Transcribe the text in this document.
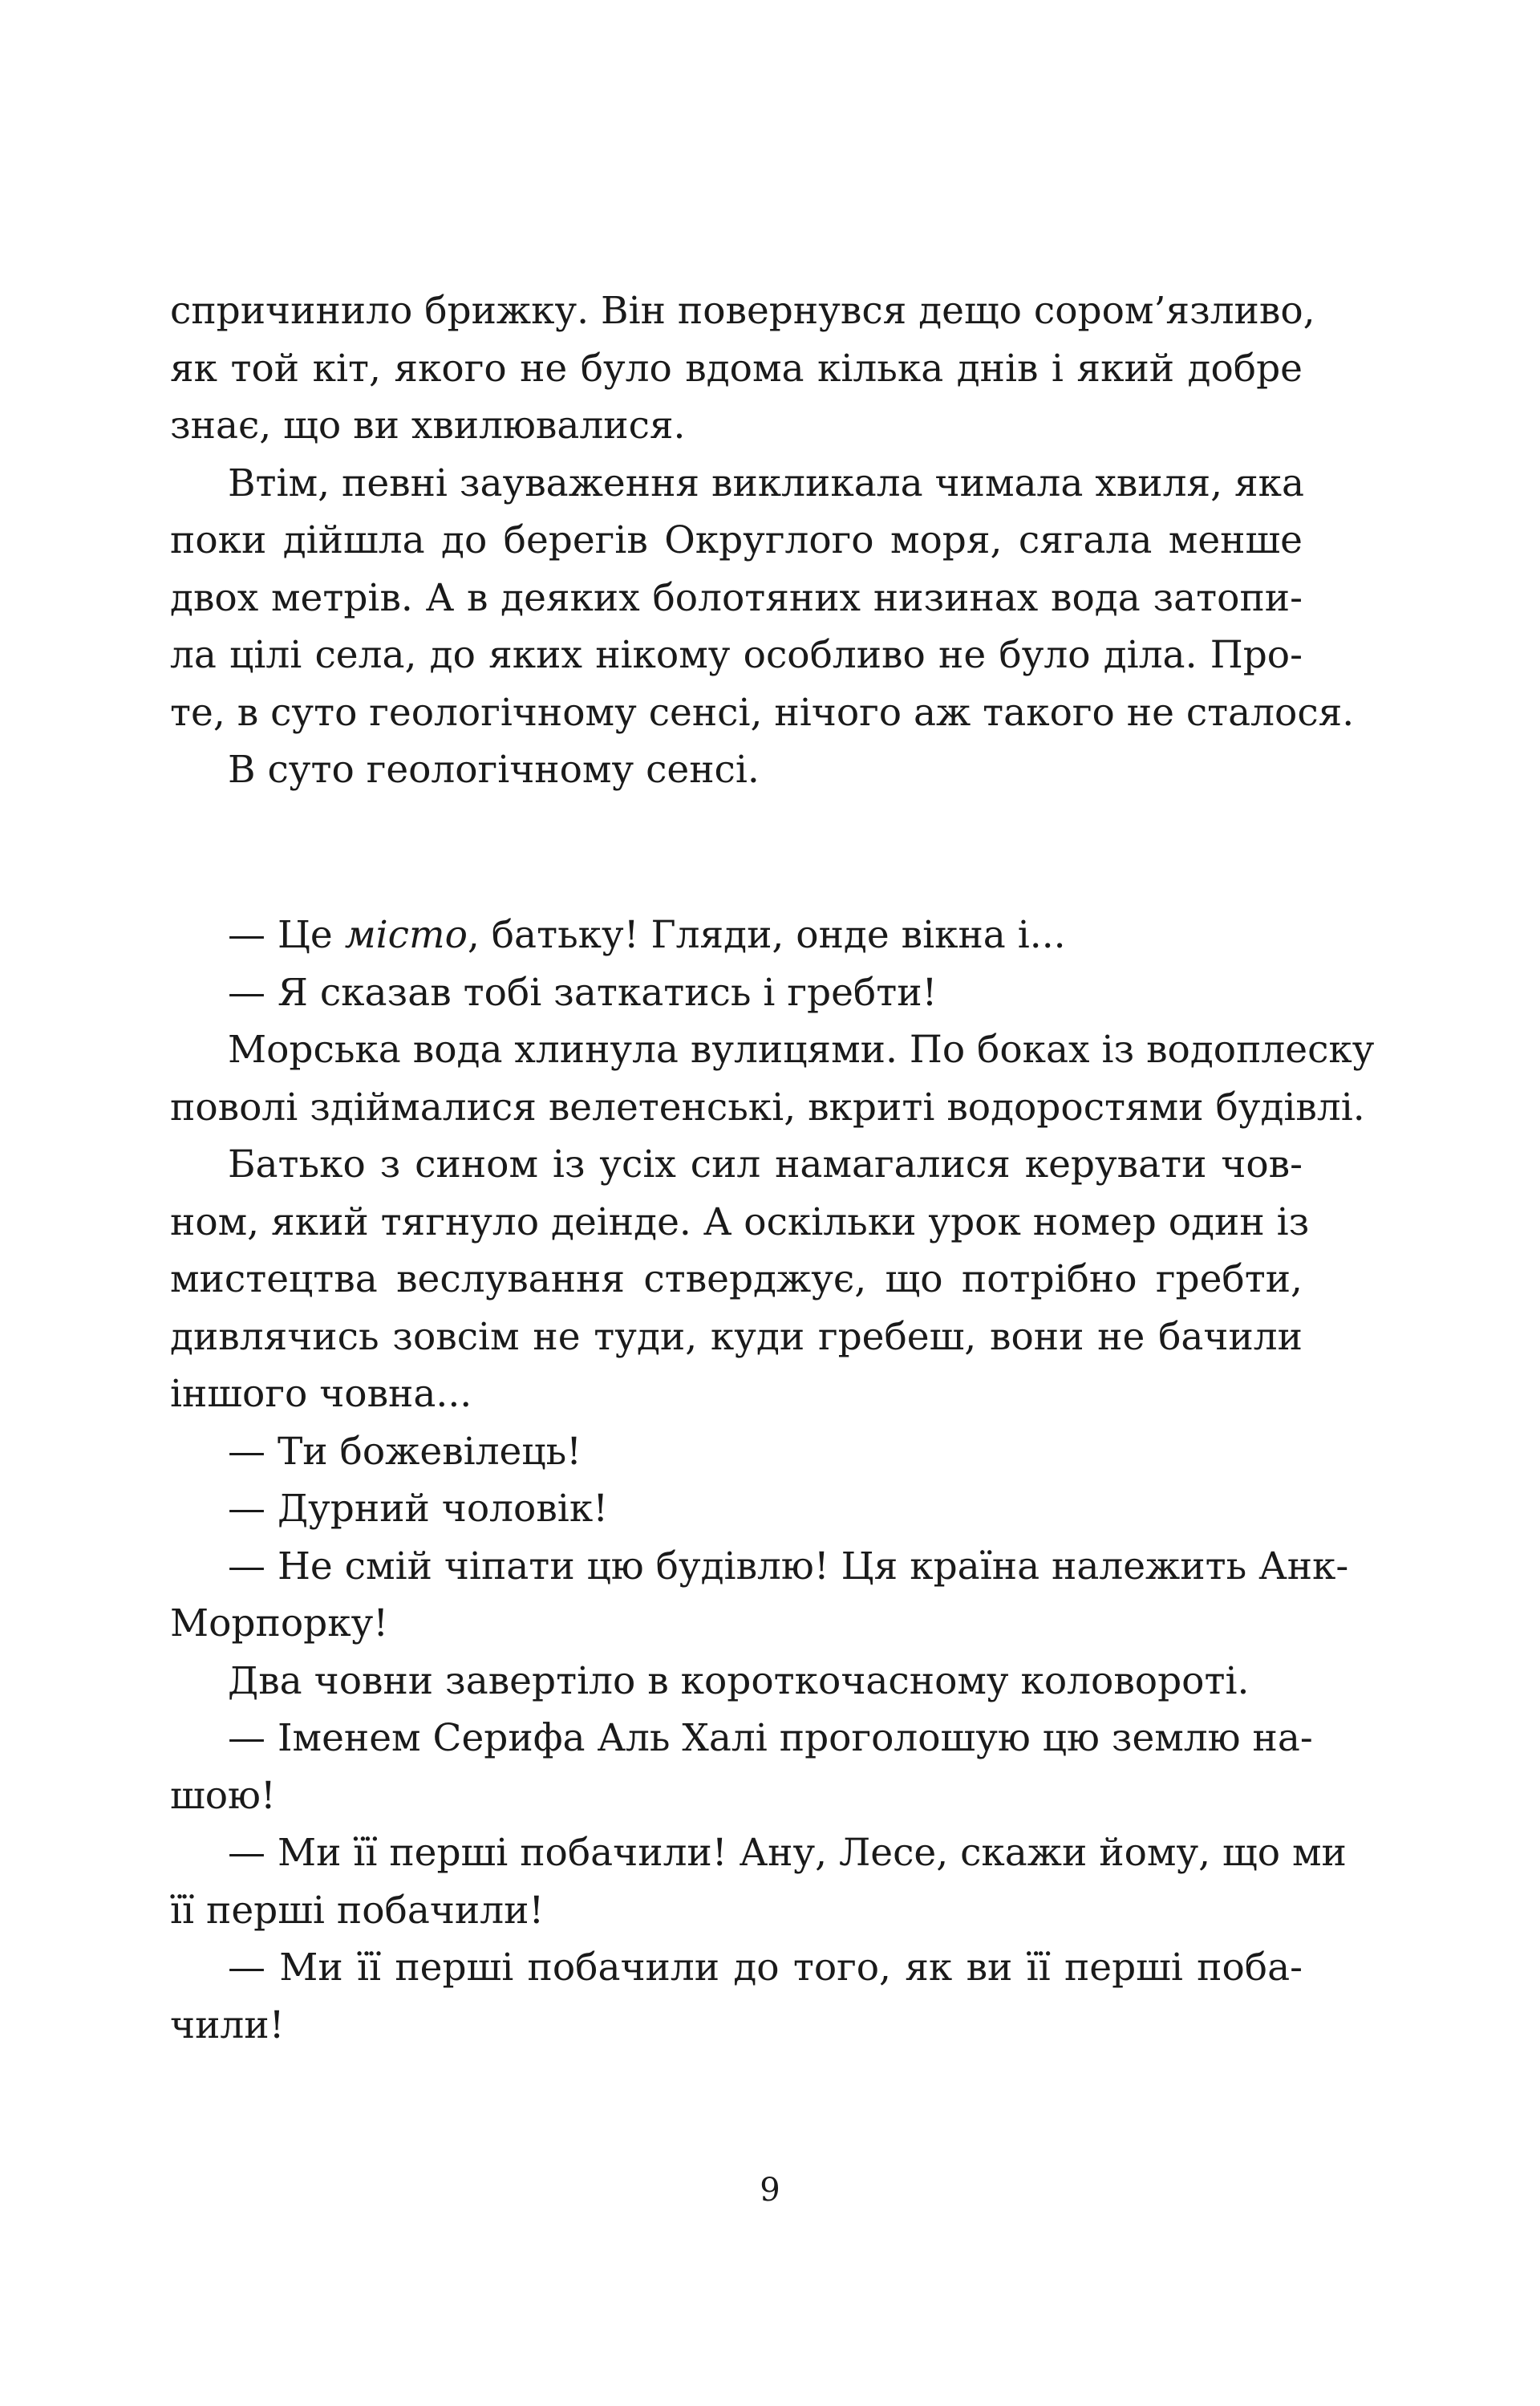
спричинило брижку. Він повернувся дещо сором’язливо,
як той кіт, якого не було вдома кілька днів і який добре
знає, що ви хвилювалися.
Втім, певні зауваження викликала чимала хвиля, яка
поки дійшла до берегів Округлого моря, сягала менше
двох метрів. А в деяких болотяних низинах вода затопи-
ла цілі села, до яких нікому особливо не було діла. Про-
те, в суто геологічному сенсі, нічого аж такого не сталося.
В суто геологічному сенсі.
— Це місто, батьку! Гляди, онде вікна і...
— Я сказав тобі заткатись і гребти!
Морська вода хлинула вулицями. По боках із водоплеску
поволі здіймалися велетенські, вкриті водоростями будівлі.
Батько з сином із усіх сил намагалися керувати чов-
ном, який тягнуло деінде. А оскільки урок номер один із
мистецтва веслування стверджує, що потрібно гребти,
дивлячись зовсім не туди, куди гребеш, вони не бачили
іншого човна...
— Ти божевілець!
— Дурний чоловік!
— Не смій чіпати цю будівлю! Ця країна належить Анк-
Морпорку!
Два човни завертіло в короткочасному коловороті.
— Іменем Серифа Аль Халі проголошую цю землю на-
шою!
— Ми її перші побачили! Ану, Лесе, скажи йому, що ми
її перші побачили!
— Ми її перші побачили до того, як ви її перші поба-
чили!
9
